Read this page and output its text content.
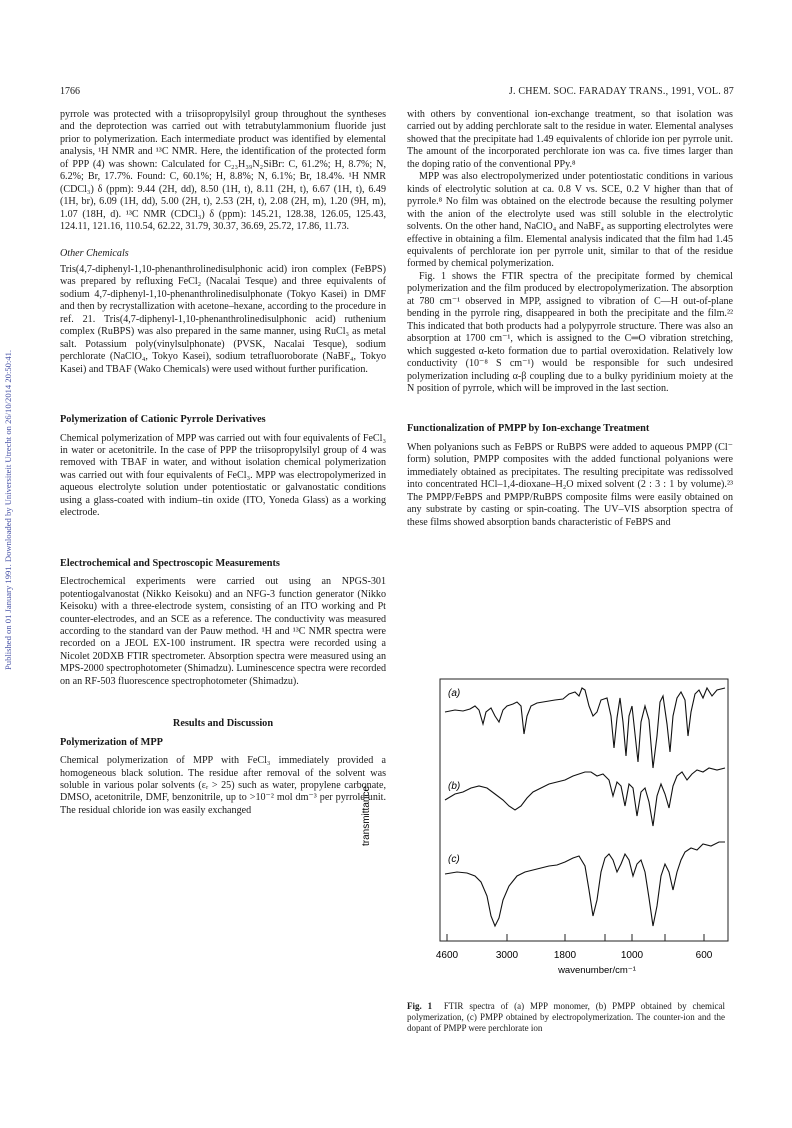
Published on 01 January 1991. Downloaded by Universiteit Utrecht on 26/10/2014 20:50:41.
1766	J. CHEM. SOC. FARADAY TRANS., 1991, VOL. 87

pyrrole was protected with a triisopropylsilyl group throughout the syntheses and the deprotection was carried out with tetrabutylammonium fluoride just prior to polymerization. Each intermediate product was identified by elemental analysis, ¹H NMR and ¹³C NMR. Here, the identification of the protected form of PPP (4) was shown: Calculated for C₂₃H₃₉N₂SiBr: C, 61.2%; H, 8.7%; N, 6.2%; Br, 17.7%. Found: C, 60.1%; H, 8.8%; N, 6.1%; Br, 18.4%. ¹H NMR (CDCl₃) δ (ppm): 9.44 (2H, dd), 8.50 (1H, t), 8.11 (2H, t), 6.67 (1H, t), 6.49 (1H, br), 6.09 (1H, dd), 5.00 (2H, t), 2.53 (2H, t), 2.08 (2H, m), 1.20 (9H, m), 1.07 (18H, d). ¹³C NMR (CDCl₃) δ (ppm): 145.21, 128.38, 126.05, 125.43, 124.11, 121.16, 110.54, 62.22, 31.79, 30.37, 36.69, 25.72, 17.86, 11.73.

Other Chemicals

Tris(4,7-diphenyl-1,10-phenanthrolinedisulphonic acid) iron complex (FeBPS) was prepared by refluxing FeCl₂ (Nacalai Tesque) and three equivalents of sodium 4,7-diphenyl-1,10-phenanthrolinedisulphonate (Tokyo Kasei) in DMF and then by recrystallization with acetone–hexane, according to the procedure in ref. 21. Tris(4,7-diphenyl-1,10-phenanthrolinedisulphonic acid) ruthenium complex (RuBPS) was also prepared in the same manner, using RuCl₃ as metal salt. Potassium poly(vinylsulphonate) (PVSK, Nacalai Tesque), sodium perchlorate (NaClO₄, Tokyo Kasei), sodium tetrafluoroborate (NaBF₄, Tokyo Kasei) and TBAF (Wako Chemicals) were used without further purification.

Polymerization of Cationic Pyrrole Derivatives

Chemical polymerization of MPP was carried out with four equivalents of FeCl₃ in water or acetonitrile. In the case of PPP the triisopropylsilyl group of 4 was removed with TBAF in water, and without isolation chemical polymerization was carried out with four equivalents of FeCl₃. MPP was electropolymerized in aqueous electrolyte solution under potentiostatic or galvanostatic conditions using a glass-coated with indium–tin oxide (ITO, Yoneda Glass) as a working electrode.

Electrochemical and Spectroscopic Measurements

Electrochemical experiments were carried out using an NPGS-301 potentiogalvanostat (Nikko Keisoku) and an NFG-3 function generator (Nikko Keisoku) with a three-electrode system, consisting of an ITO working and Pt counter-electrodes, and an SCE as a reference. The conductivity was measured according to the standard van der Pauw method. ¹H and ¹³C NMR spectra were recorded on a JEOL EX-100 instrument. IR spectra were recorded using a Nicolet 20DXB FTIR spectrometer. Absorption spectra were measured using an MPS-2000 spectrophotometer (Shimadzu). Luminescence spectra were recorded on an RF-503 fluorescence spectrophotometer (Shimadzu).

Results and Discussion

Polymerization of MPP

Chemical polymerization of MPP with FeCl₃ immediately provided a homogeneous black solution. The residue after removal of the solvent was soluble in various polar solvents (εᵣ > 25) such as water, propylene carbonate, DMSO, acetonitrile, DMF, benzonitrile, up to >10⁻² mol dm⁻³ per pyrrole unit. The residual chloride ion was easily exchanged

with others by conventional ion-exchange treatment, so that isolation was carried out by adding perchlorate salt to the residue in water. Elemental analyses showed that the precipitate had 1.49 equivalents of chloride ion per pyrrole unit. The amount of the incorporated perchlorate ion was ca. five times larger than the doping ratio of the conventional PPy.⁸

MPP was also electropolymerized under potentiostatic conditions in various kinds of electrolytic solution at ca. 0.8 V vs. SCE, 0.2 V higher than that of pyrrole.⁸ No film was obtained on the electrode because the resulting polymer with the anion of the electrolyte used was still soluble in the electrolytic solvents. On the other hand, NaClO₄ and NaBF₄ as supporting electrolytes were effective in obtaining a film. Elemental analysis indicated that the film had 1.45 equivalents of perchlorate ion per pyrrole unit, similar to that of the residue formed by chemical polymerization.

Fig. 1 shows the FTIR spectra of the precipitate formed by chemical polymerization and the film produced by electropolymerization. The absorption at 780 cm⁻¹ observed in MPP, assigned to vibration of C—H out-of-plane bending in the pyrrole ring, disappeared in both the precipitate and the film.²² This indicated that both products had a polypyrrole structure. There was also an absorption at 1700 cm⁻¹, which is assigned to the C═O vibration stretching, which suggested α-keto formation due to partial overoxidation. Relatively low conductivity (10⁻⁸ S cm⁻¹) would be responsible for such undesired polymerization including α-β coupling due to a bulky pyridinium moiety at the N position of pyrrole, which will be improved in the last section.

Functionalization of PMPP by Ion-exchange Treatment

When polyanions such as FeBPS or RuBPS were added to aqueous PMPP (Cl⁻ form) solution, PMPP composites with the added functional polyanions were immediately obtained as precipitates. The resulting precipitate was redissolved into concentrated HCl–1,4-dioxane–H₂O mixed solvent (2 : 3 : 1 by volume).²³ The PMPP/FeBPS and PMPP/RuBPS composite films were easily obtained on any substrate by casting or spin-coating. The UV–VIS absorption spectra of these films showed absorption bands characteristic of FeBPS and

(a)
(b)
(c)
transmittance
4600	3000	1800	1000	600
wavenumber/cm⁻¹
Fig. 1 FTIR spectra of (a) MPP monomer, (b) PMPP obtained by chemical polymerization, (c) PMPP obtained by electropolymerization. The counter-ion and the dopant of PMPP were perchlorate ion
